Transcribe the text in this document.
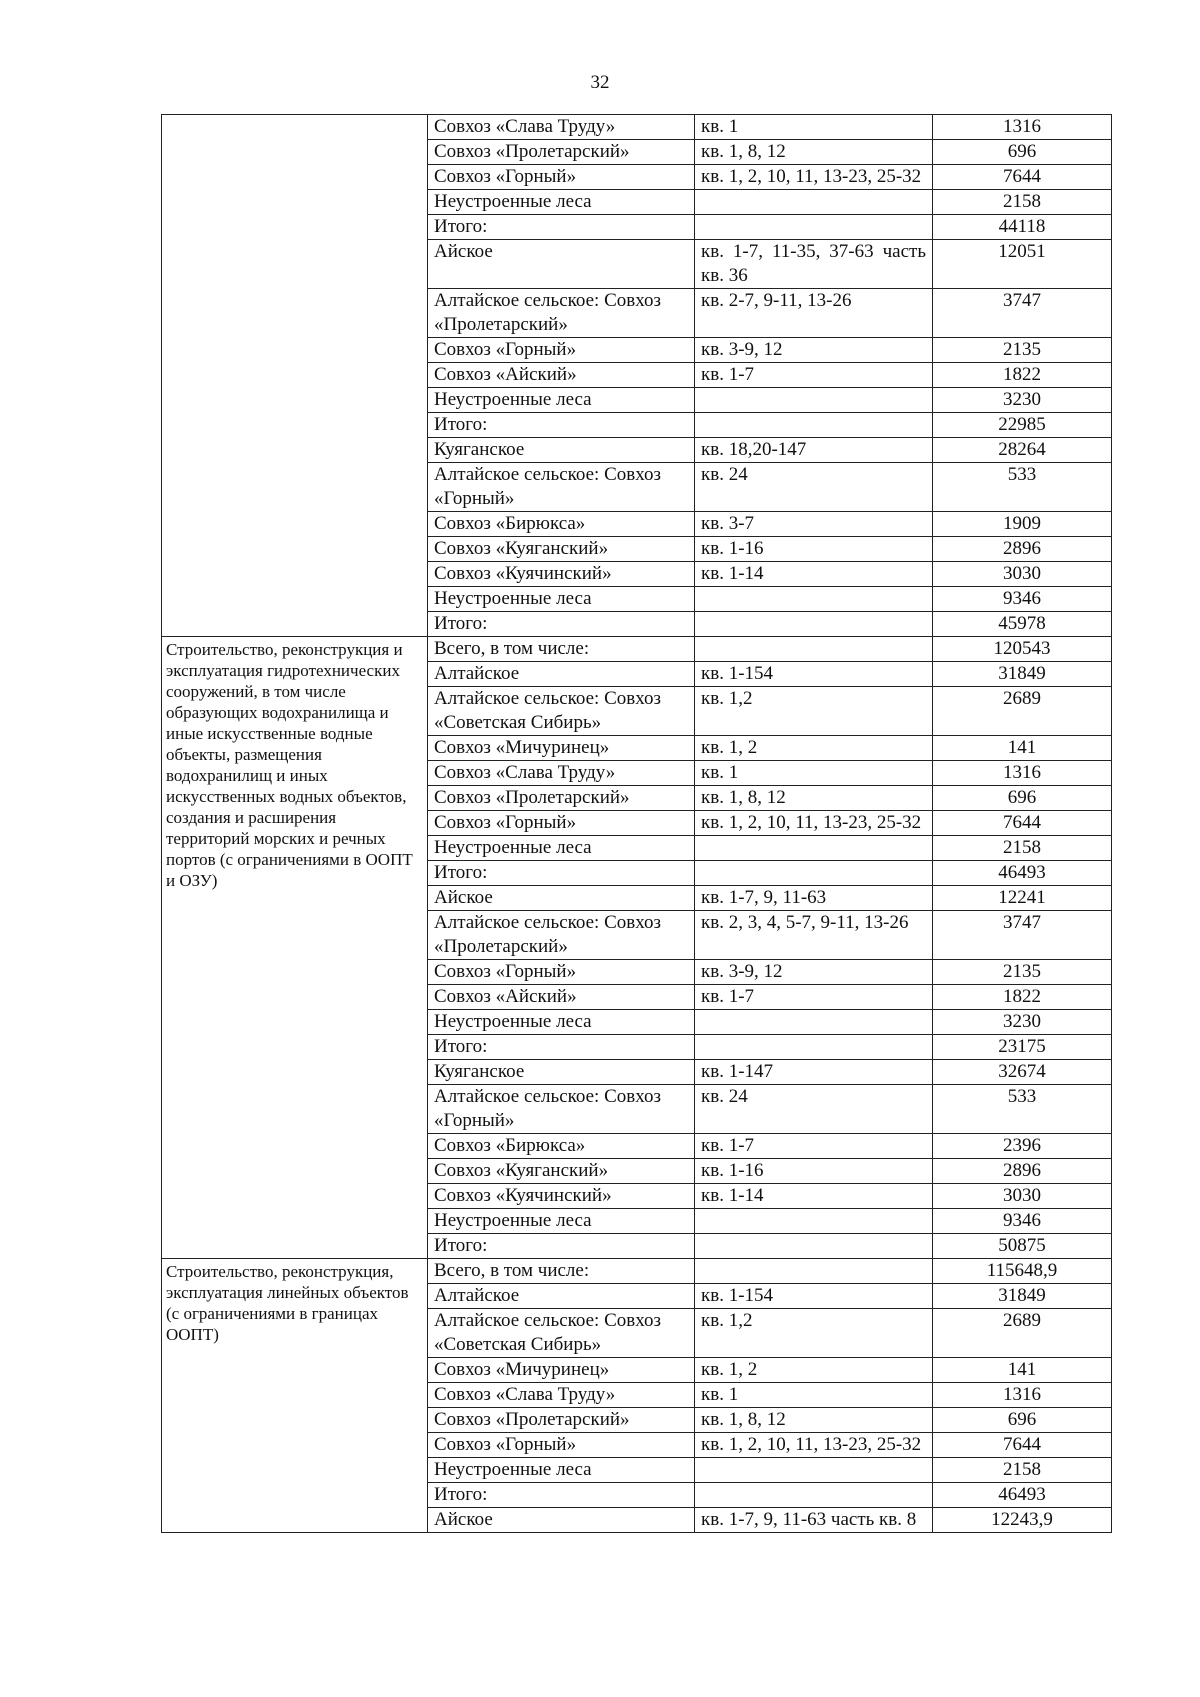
32
	Совхоз «Слава Труду»	кв. 1	1316
	Совхоз «Пролетарский»	кв. 1, 8, 12	696
	Совхоз «Горный»	кв. 1, 2, 10, 11, 13-23, 25-32	7644
	Неустроенные леса		2158
	Итого:		44118
	Айское	кв. 1-7, 11-35, 37-63 часть кв. 36	12051
	Алтайское сельское: Совхоз «Пролетарский»	кв. 2-7, 9-11, 13-26	3747
	Совхоз «Горный»	кв. 3-9, 12	2135
	Совхоз «Айский»	кв. 1-7	1822
	Неустроенные леса		3230
	Итого:		22985
	Куяганское	кв. 18,20-147	28264
	Алтайское сельское: Совхоз «Горный»	кв. 24	533
	Совхоз «Бирюкса»	кв. 3-7	1909
	Совхоз «Куяганский»	кв. 1-16	2896
	Совхоз «Куячинский»	кв. 1-14	3030
	Неустроенные леса		9346
	Итого:		45978
Строительство, реконструкция и эксплуатация гидротехнических сооружений, в том числе образующих водохранилища и иные искусственные водные объекты, размещения водохранилищ и иных искусственных водных объектов, создания и расширения территорий морских и речных портов (с ограничениями в ООПТ и ОЗУ)	Всего, в том числе:		120543
	Алтайское	кв. 1-154	31849
	Алтайское сельское: Совхоз «Советская Сибирь»	кв. 1,2	2689
	Совхоз «Мичуринец»	кв. 1, 2	141
	Совхоз «Слава Труду»	кв. 1	1316
	Совхоз «Пролетарский»	кв. 1, 8, 12	696
	Совхоз «Горный»	кв. 1, 2, 10, 11, 13-23, 25-32	7644
	Неустроенные леса		2158
	Итого:		46493
	Айское	кв. 1-7, 9, 11-63	12241
	Алтайское сельское: Совхоз «Пролетарский»	кв. 2, 3, 4, 5-7, 9-11, 13-26	3747
	Совхоз «Горный»	кв. 3-9, 12	2135
	Совхоз «Айский»	кв. 1-7	1822
	Неустроенные леса		3230
	Итого:		23175
	Куяганское	кв. 1-147	32674
	Алтайское сельское: Совхоз «Горный»	кв. 24	533
	Совхоз «Бирюкса»	кв. 1-7	2396
	Совхоз «Куяганский»	кв. 1-16	2896
	Совхоз «Куячинский»	кв. 1-14	3030
	Неустроенные леса		9346
	Итого:		50875
Строительство, реконструкция, эксплуатация линейных объектов (с ограничениями в границах ООПТ)	Всего, в том числе:		115648,9
	Алтайское	кв. 1-154	31849
	Алтайское сельское: Совхоз «Советская Сибирь»	кв. 1,2	2689
	Совхоз «Мичуринец»	кв. 1, 2	141
	Совхоз «Слава Труду»	кв. 1	1316
	Совхоз «Пролетарский»	кв. 1, 8, 12	696
	Совхоз «Горный»	кв. 1, 2, 10, 11, 13-23, 25-32	7644
	Неустроенные леса		2158
	Итого:		46493
	Айское	кв. 1-7, 9, 11-63 часть кв. 8	12243,9
